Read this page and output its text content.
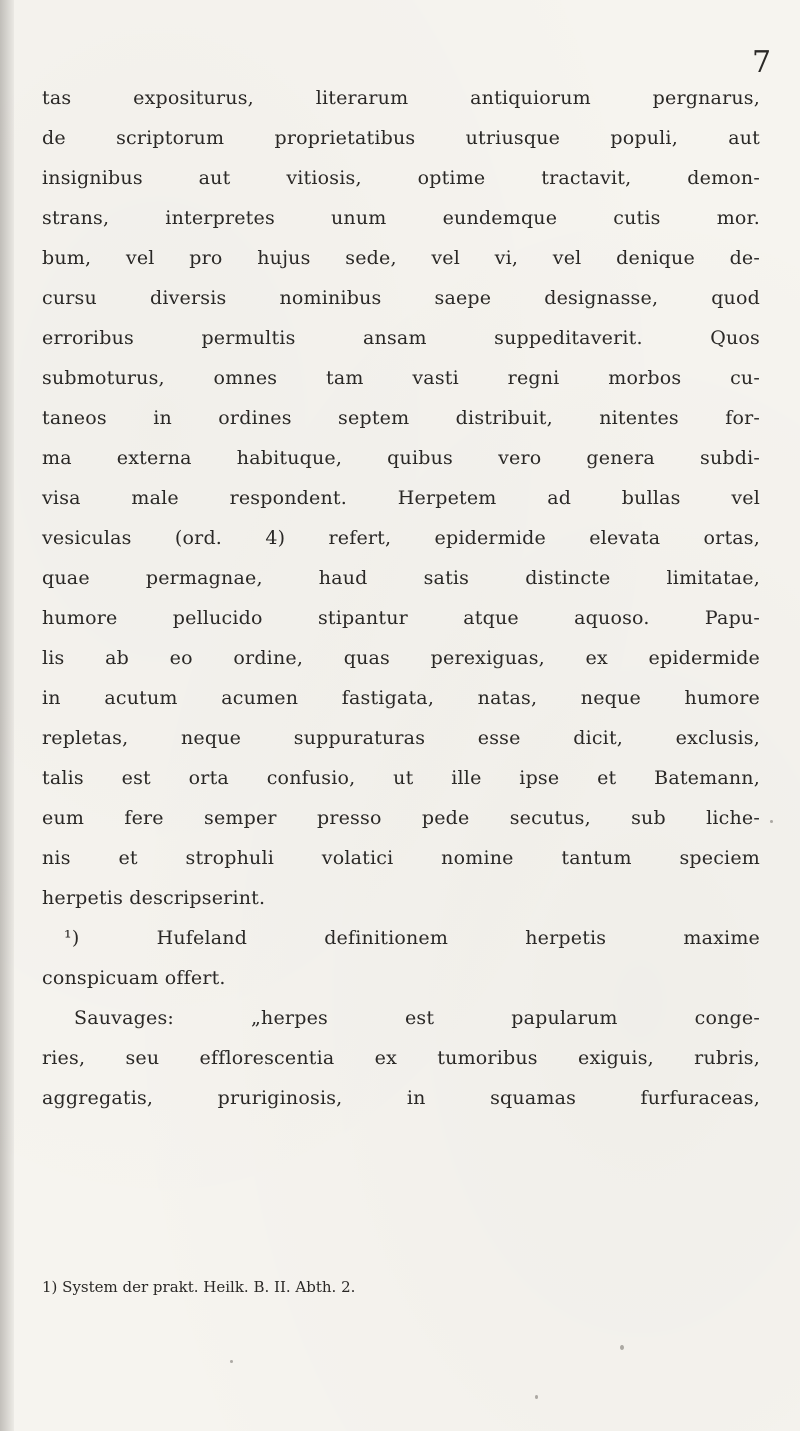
7
tas expositurus, literarum antiquiorum pergnarus,
de scriptorum proprietatibus utriusque populi, aut
insignibus aut vitiosis, optime tractavit, demon-
strans, interpretes unum eundemque cutis mor.
bum, vel pro hujus sede, vel vi, vel denique de-
cursu diversis nominibus saepe designasse, quod
erroribus permultis ansam suppeditaverit. Quos
submoturus, omnes tam vasti regni morbos cu-
taneos in ordines septem distribuit, nitentes for-
ma externa habituque, quibus vero genera subdi-
visa male respondent. Herpetem ad bullas vel
vesiculas (ord. 4) refert, epidermide elevata ortas,
quae permagnae, haud satis distincte limitatae,
humore pellucido stipantur atque aquoso. Papu-
lis ab eo ordine, quas perexiguas, ex epidermide
in acutum acumen fastigata, natas, neque humore
repletas, neque suppuraturas esse dicit, exclusis,
talis est orta confusio, ut ille ipse et Batemann,
eum fere semper presso pede secutus, sub liche-
nis et strophuli volatici nomine tantum speciem
herpetis descripserint.
¹) Hufeland definitionem herpetis maxime
conspicuam offert.
Sauvages: „herpes est papularum conge-
ries, seu efflorescentia ex tumoribus exiguis, rubris,
aggregatis, pruriginosis, in squamas furfuraceas,
1) System der prakt. Heilk. B. II. Abth. 2.
